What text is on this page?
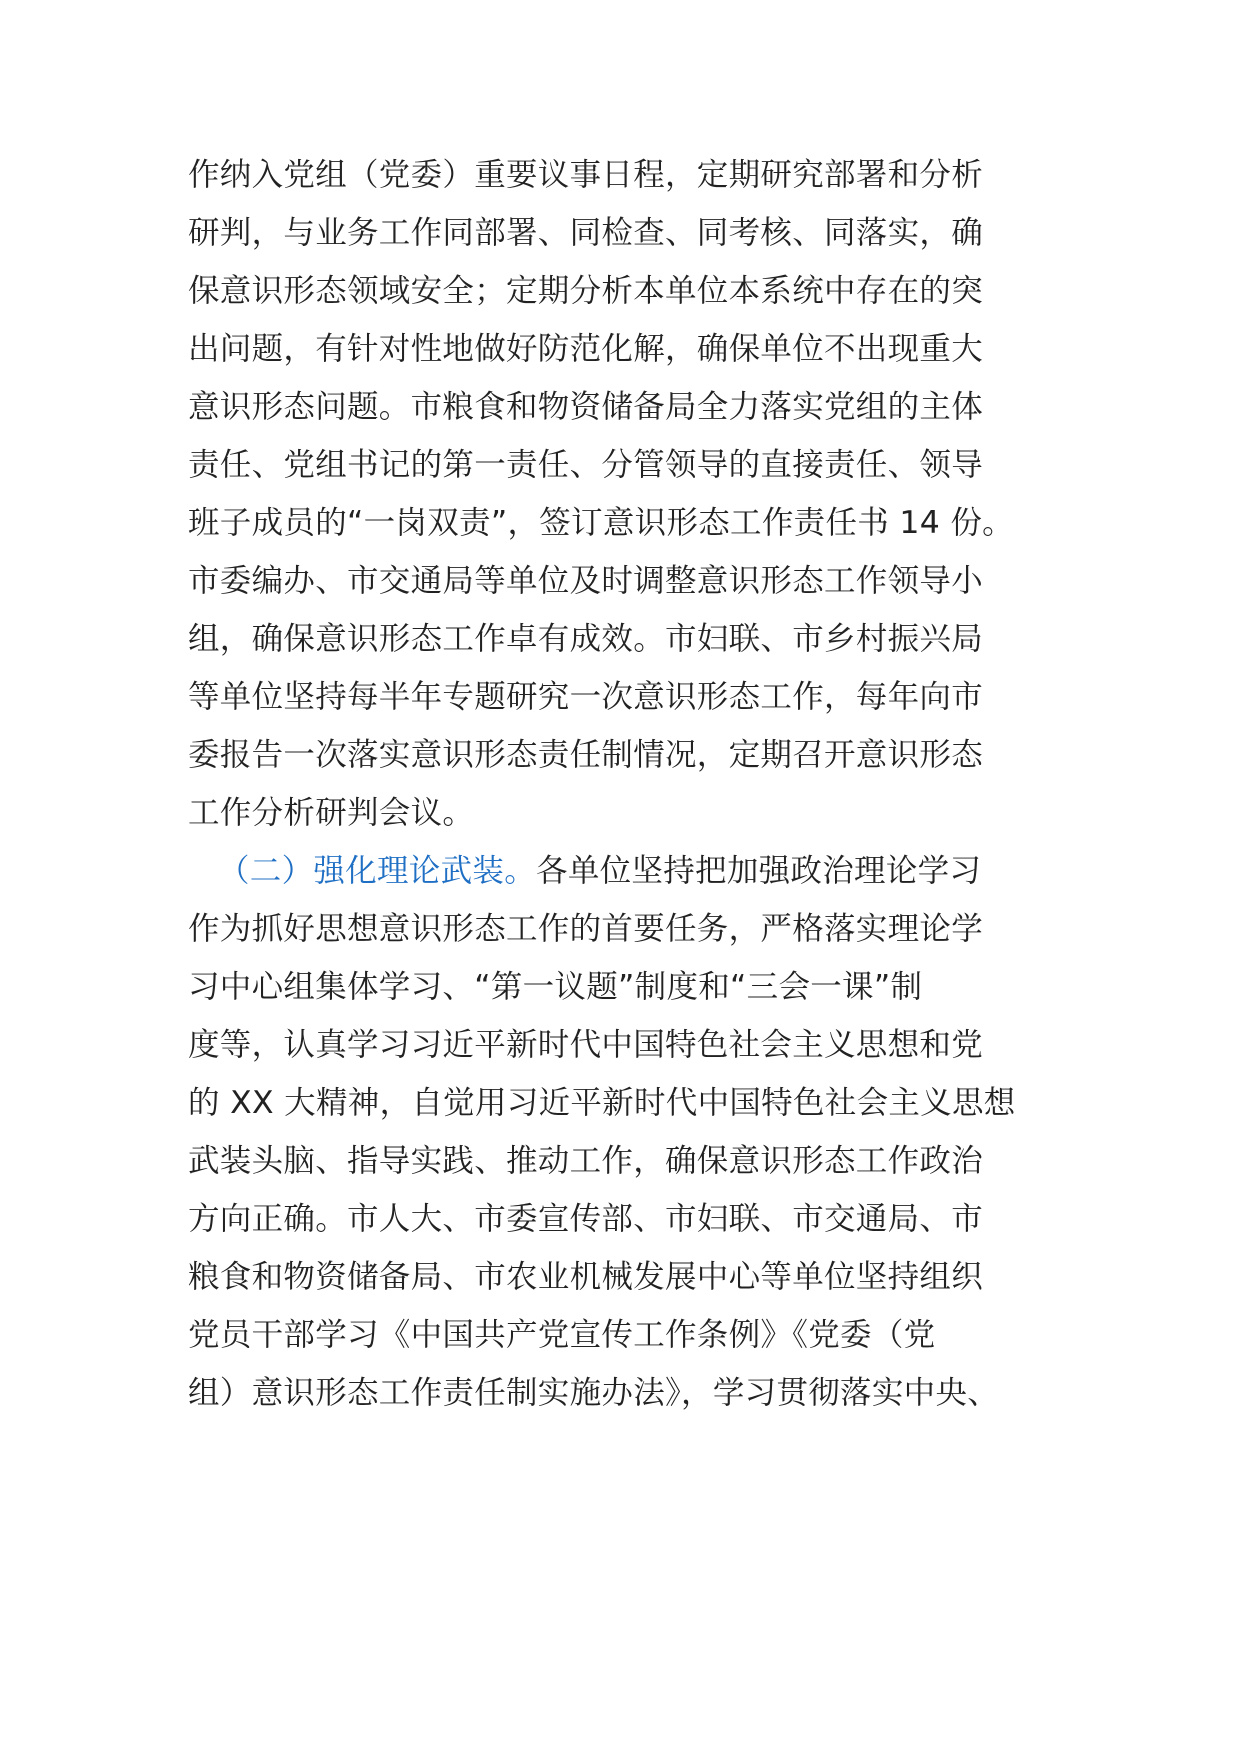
作纳入党组（党委）重要议事日程，定期研究部署和分析
研判，与业务工作同部署、同检查、同考核、同落实，确
保意识形态领域安全；定期分析本单位本系统中存在的突
出问题，有针对性地做好防范化解，确保单位不出现重大
意识形态问题。市粮食和物资储备局全力落实党组的主体
责任、党组书记的第一责任、分管领导的直接责任、领导
班子成员的“一岗双责”，签订意识形态工作责任书 14 份。
市委编办、市交通局等单位及时调整意识形态工作领导小
组，确保意识形态工作卓有成效。市妇联、市乡村振兴局
等单位坚持每半年专题研究一次意识形态工作，每年向市
委报告一次落实意识形态责任制情况，定期召开意识形态
工作分析研判会议。
（二）强化理论武装。各单位坚持把加强政治理论学习
作为抓好思想意识形态工作的首要任务，严格落实理论学
习中心组集体学习、“第一议题”制度和“三会一课”制
度等，认真学习习近平新时代中国特色社会主义思想和党
的 XX 大精神，自觉用习近平新时代中国特色社会主义思想
武装头脑、指导实践、推动工作，确保意识形态工作政治
方向正确。市人大、市委宣传部、市妇联、市交通局、市
粮食和物资储备局、市农业机械发展中心等单位坚持组织
党员干部学习《中国共产党宣传工作条例》《党委（党
组）意识形态工作责任制实施办法》，学习贯彻落实中央、
